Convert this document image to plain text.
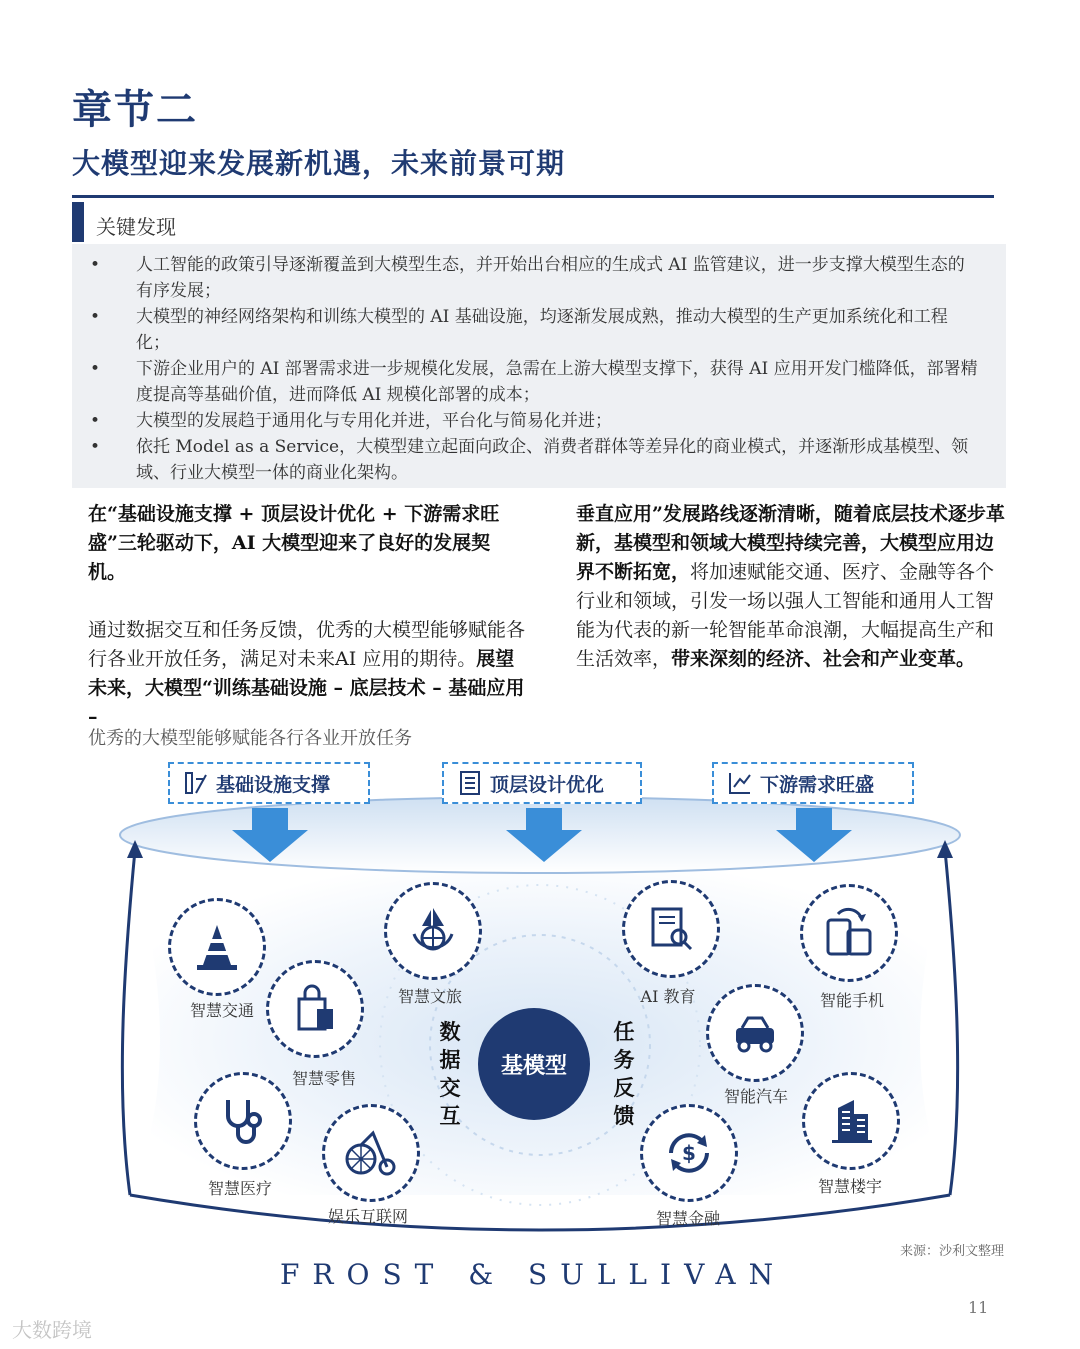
章节二
大模型迎来发展新机遇，未来前景可期
关键发现
• 人工智能的政策引导逐渐覆盖到大模型生态，并开始出台相应的生成式 AI 监管建议，进一步支撑大模型生态的有序发展；
• 大模型的神经网络架构和训练大模型的 AI 基础设施，均逐渐发展成熟，推动大模型的生产更加系统化和工程化；
• 下游企业用户的 AI 部署需求进一步规模化发展，急需在上游大模型支撑下，获得 AI 应用开发门槛降低，部署精度提高等基础价值，进而降低 AI 规模化部署的成本；
• 大模型的发展趋于通用化与专用化并进，平台化与简易化并进；
• 依托 Model as a Service，大模型建立起面向政企、消费者群体等差异化的商业模式，并逐渐形成基模型、领域、行业大模型一体的商业化架构。

在“基础设施支撑 + 顶层设计优化 + 下游需求旺盛”三轮驱动下，AI 大模型迎来了良好的发展契机。

通过数据交互和任务反馈，优秀的大模型能够赋能各行各业开放任务，满足对未来AI 应用的期待。展望未来，大模型“训练基础设施 – 底层技术 – 基础应用 –

垂直应用”发展路线逐渐清晰，随着底层技术逐步革新，基模型和领域大模型持续完善，大模型应用边界不断拓宽，将加速赋能交通、医疗、金融等各个行业和领域，引发一场以强人工智能和通用人工智能为代表的新一轮智能革命浪潮，大幅提高生产和生活效率，带来深刻的经济、社会和产业变革。

优秀的大模型能够赋能各行各业开放任务
基础设施支撑	顶层设计优化	下游需求旺盛
基模型
数据交互
任务反馈
智慧交通
智慧零售
智慧文旅	AI 教育	智能手机
智能汽车
智慧医疗
娱乐互联网
$
智慧金融
智慧楼宇
来源：沙利文整理
FROST & SULLIVAN
11
大数跨境
